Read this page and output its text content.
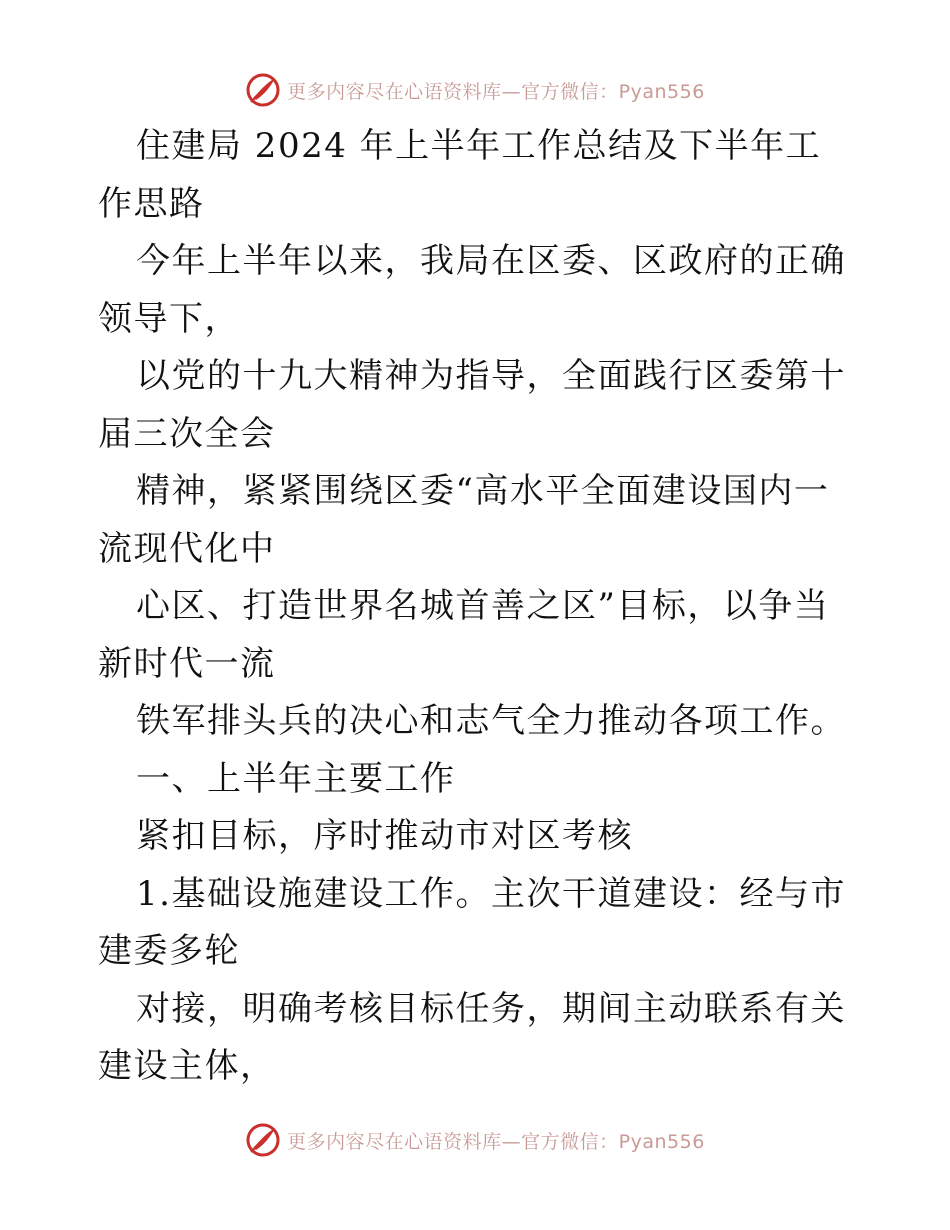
更多内容尽在心语资料库—官方微信：Pyan556

住建局 2024 年上半年工作总结及下半年工作思路

今年上半年以来，我局在区委、区政府的正确领导下，

以党的十九大精神为指导，全面践行区委第十届三次全会

精神，紧紧围绕区委“高水平全面建设国内一流现代化中

心区、打造世界名城首善之区”目标，以争当新时代一流

铁军排头兵的决心和志气全力推动各项工作。

一、上半年主要工作

紧扣目标，序时推动市对区考核

1.基础设施建设工作。主次干道建设：经与市建委多轮

对接，明确考核目标任务，期间主动联系有关建设主体，

更多内容尽在心语资料库—官方微信：Pyan556
